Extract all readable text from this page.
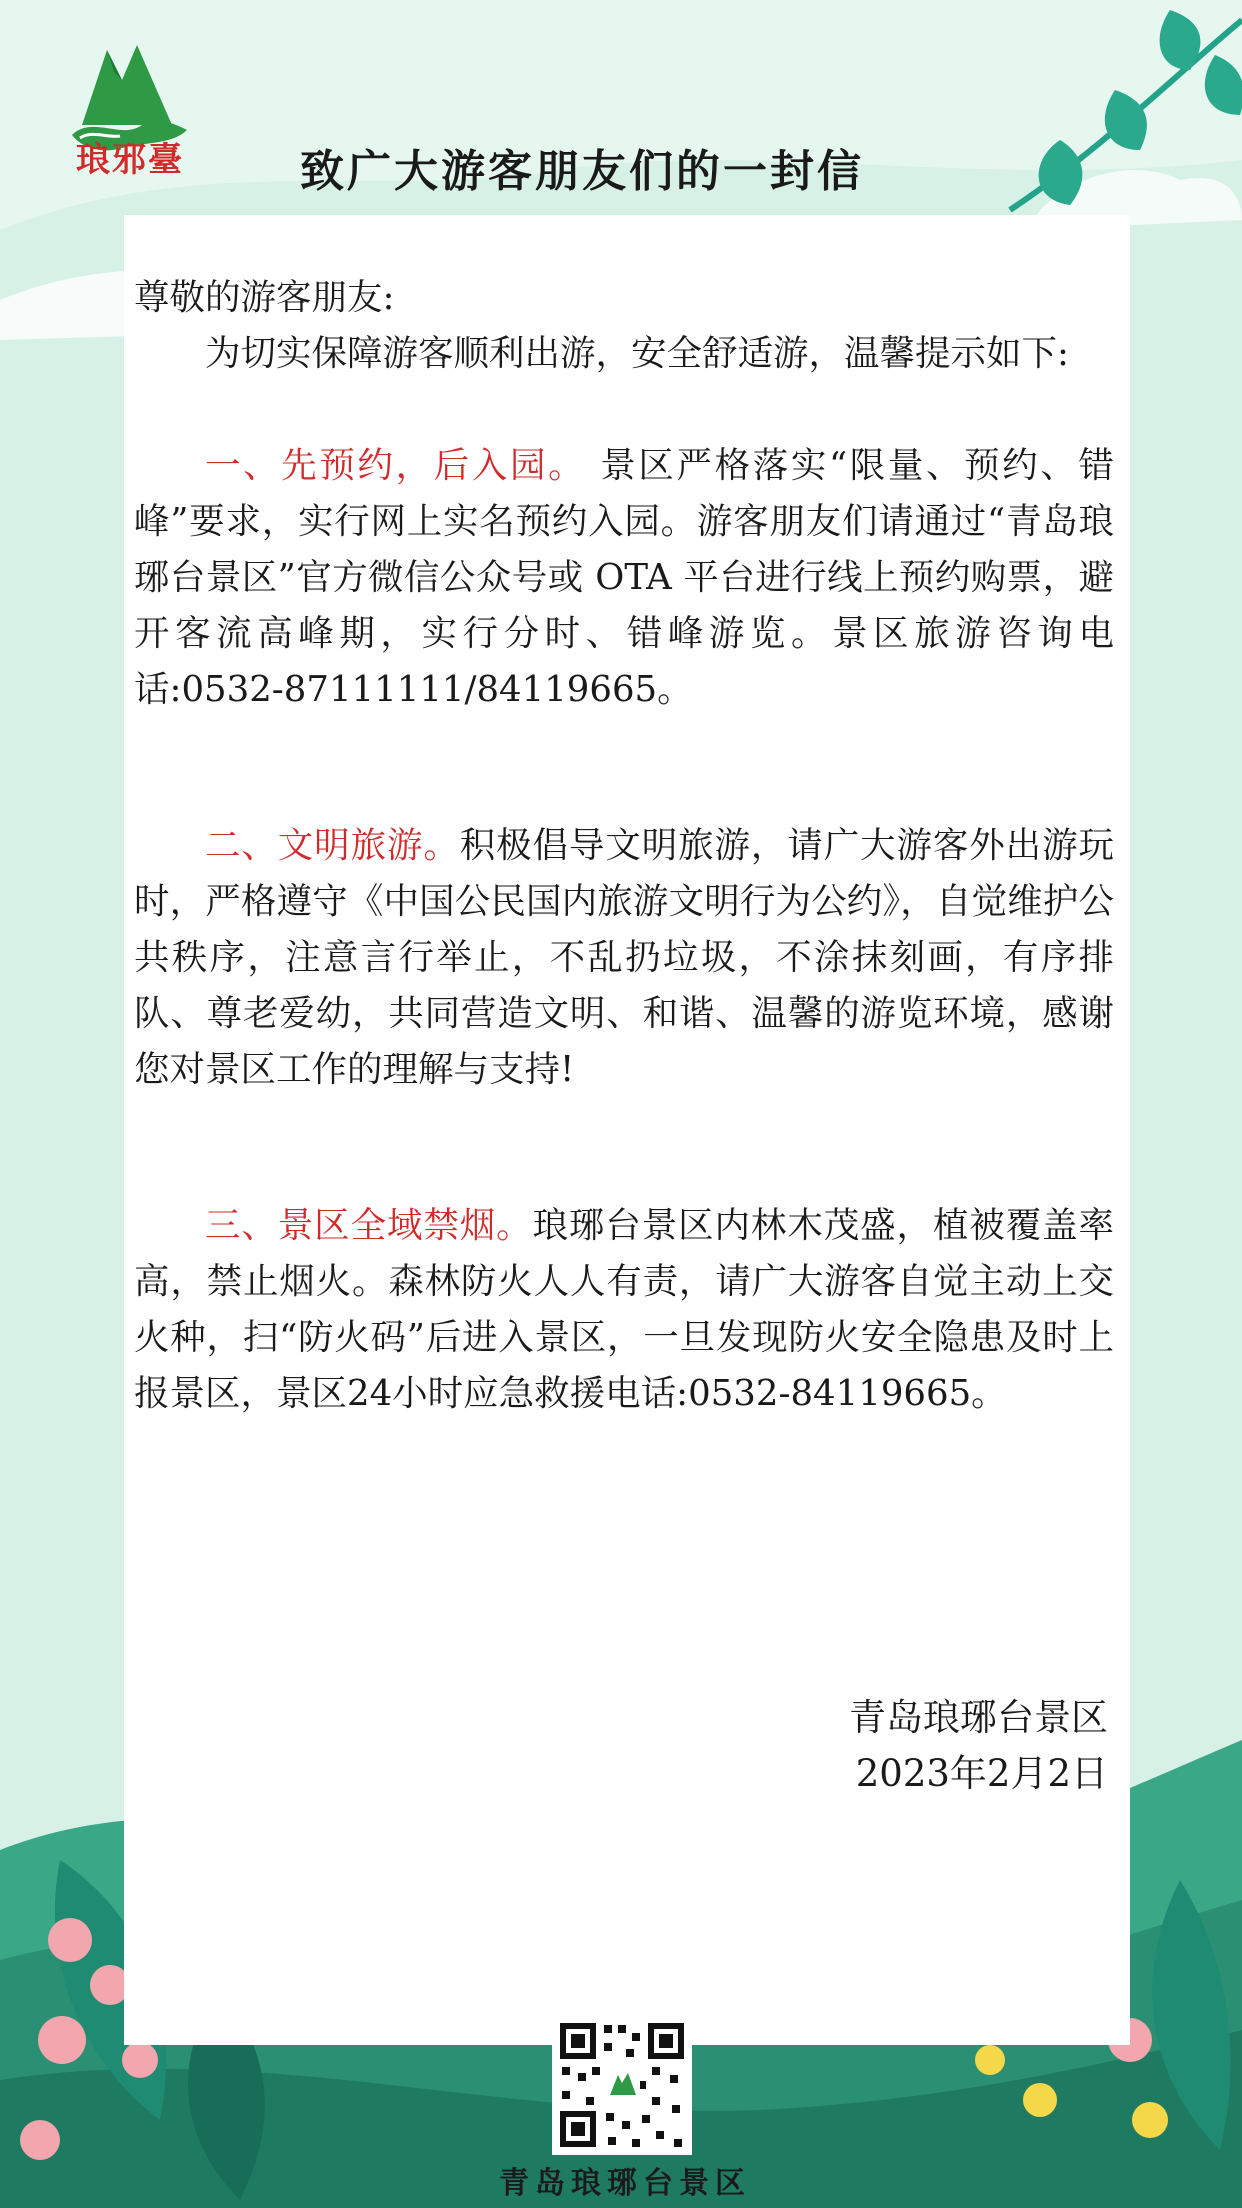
琅邪臺	致广大游客朋友们的一封信

尊敬的游客朋友:

为切实保障游客顺利出游，安全舒适游，温馨提示如下:

一、先预约，后入园。 景区严格落实“限量、预约、错峰”要求，实行网上实名预约入园。游客朋友们请通过“青岛琅琊台景区”官方微信公众号或 OTA 平台进行线上预约购票，避开客流高峰期，实行分时、错峰游览。景区旅游咨询电话:0532-87111111/84119665。

二、文明旅游。积极倡导文明旅游，请广大游客外出游玩时，严格遵守《中国公民国内旅游文明行为公约》，自觉维护公共秩序，注意言行举止，不乱扔垃圾，不涂抹刻画，有序排队、尊老爱幼，共同营造文明、和谐、温馨的游览环境，感谢您对景区工作的理解与支持!

三、景区全域禁烟。琅琊台景区内林木茂盛，植被覆盖率高，禁止烟火。森林防火人人有责，请广大游客自觉主动上交火种，扫“防火码”后进入景区，一旦发现防火安全隐患及时上报景区，景区24小时应急救援电话:0532-84119665。

青岛琅琊台景区
2023年2月2日
青岛琅琊台景区
